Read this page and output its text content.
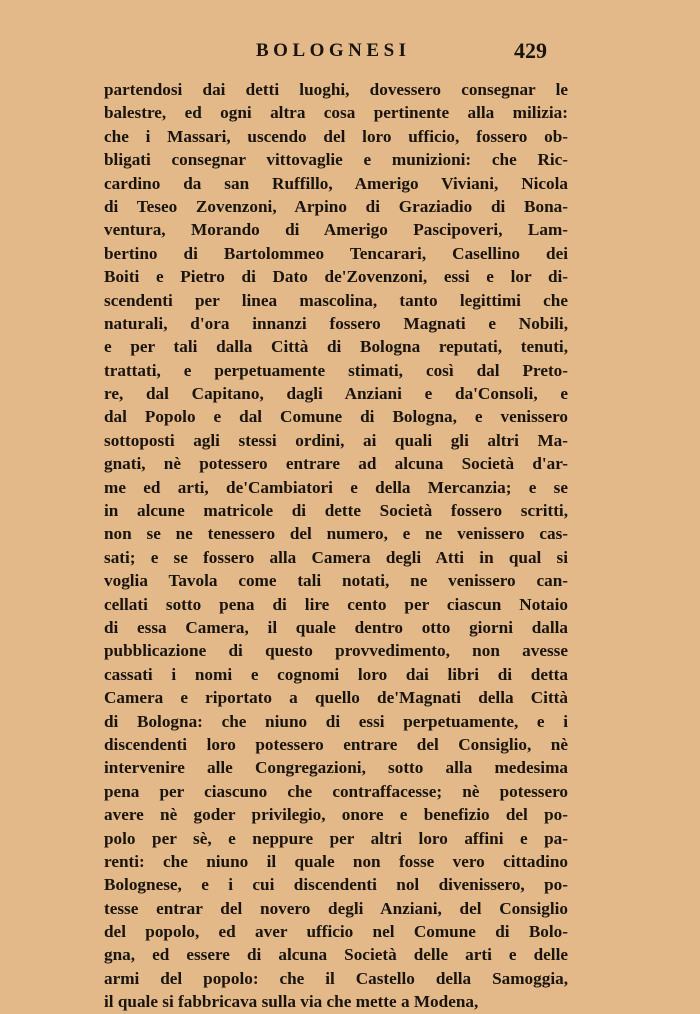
BOLOGNESI	429
partendosi dai detti luoghi, dovessero consegnar le
balestre, ed ogni altra cosa pertinente alla milizia:
che i Massari, uscendo del loro ufficio, fossero ob-
bligati consegnar vittovaglie e munizioni: che Ric-
cardino da san Ruffillo, Amerigo Viviani, Nicola
di Teseo Zovenzoni, Arpino di Graziadio di Bona-
ventura, Morando di Amerigo Pascipoveri, Lam-
bertino di Bartolommeo Tencarari, Casellino dei
Boiti e Pietro di Dato de'Zovenzoni, essi e lor di-
scendenti per linea mascolina, tanto legittimi che
naturali, d'ora innanzi fossero Magnati e Nobili,
e per tali dalla Città di Bologna reputati, tenuti,
trattati, e perpetuamente stimati, così dal Preto-
re, dal Capitano, dagli Anziani e da'Consoli, e
dal Popolo e dal Comune di Bologna, e venissero
sottoposti agli stessi ordini, ai quali gli altri Ma-
gnati, nè potessero entrare ad alcuna Società d'ar-
me ed arti, de'Cambiatori e della Mercanzia; e se
in alcune matricole di dette Società fossero scritti,
non se ne tenessero del numero, e ne venissero cas-
sati; e se fossero alla Camera degli Atti in qual si
voglia Tavola come tali notati, ne venissero can-
cellati sotto pena di lire cento per ciascun Notaio
di essa Camera, il quale dentro otto giorni dalla
pubblicazione di questo provvedimento, non avesse
cassati i nomi e cognomi loro dai libri di detta
Camera e riportato a quello de'Magnati della Città
di Bologna: che niuno di essi perpetuamente, e i
discendenti loro potessero entrare del Consiglio, nè
intervenire alle Congregazioni, sotto alla medesima
pena per ciascuno che contraffacesse; nè potessero
avere nè goder privilegio, onore e benefizio del po-
polo per sè, e neppure per altri loro affini e pa-
renti: che niuno il quale non fosse vero cittadino
Bolognese, e i cui discendenti nol divenissero, po-
tesse entrar del novero degli Anziani, del Consiglio
del popolo, ed aver ufficio nel Comune di Bolo-
gna, ed essere di alcuna Società delle arti e delle
armi del popolo: che il Castello della Samoggia,
il quale si fabbricava sulla via che mette a Modena,
